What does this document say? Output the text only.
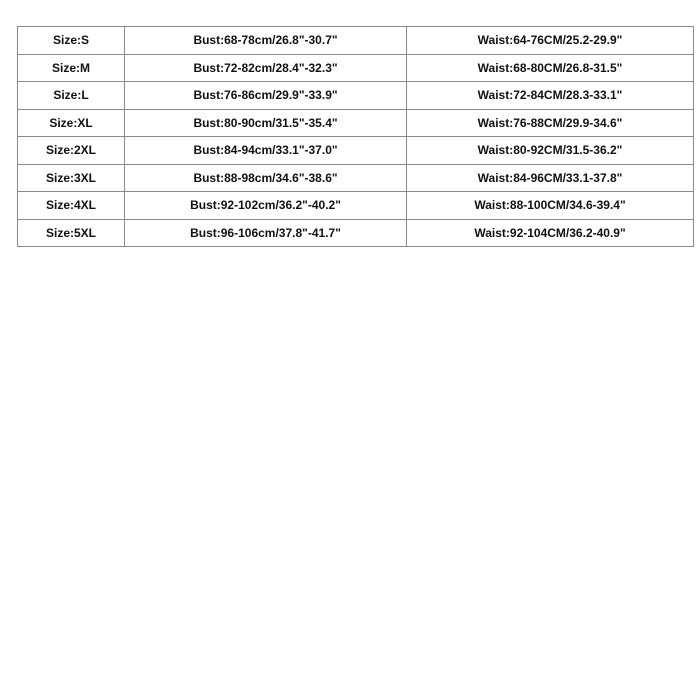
Size:S	Bust:68-78cm/26.8"-30.7"	Waist:64-76CM/25.2-29.9"
Size:M	Bust:72-82cm/28.4"-32.3"	Waist:68-80CM/26.8-31.5"
Size:L	Bust:76-86cm/29.9"-33.9"	Waist:72-84CM/28.3-33.1"
Size:XL	Bust:80-90cm/31.5"-35.4"	Waist:76-88CM/29.9-34.6"
Size:2XL	Bust:84-94cm/33.1"-37.0"	Waist:80-92CM/31.5-36.2"
Size:3XL	Bust:88-98cm/34.6"-38.6"	Waist:84-96CM/33.1-37.8"
Size:4XL	Bust:92-102cm/36.2"-40.2"	Waist:88-100CM/34.6-39.4"
Size:5XL	Bust:96-106cm/37.8"-41.7"	Waist:92-104CM/36.2-40.9"
